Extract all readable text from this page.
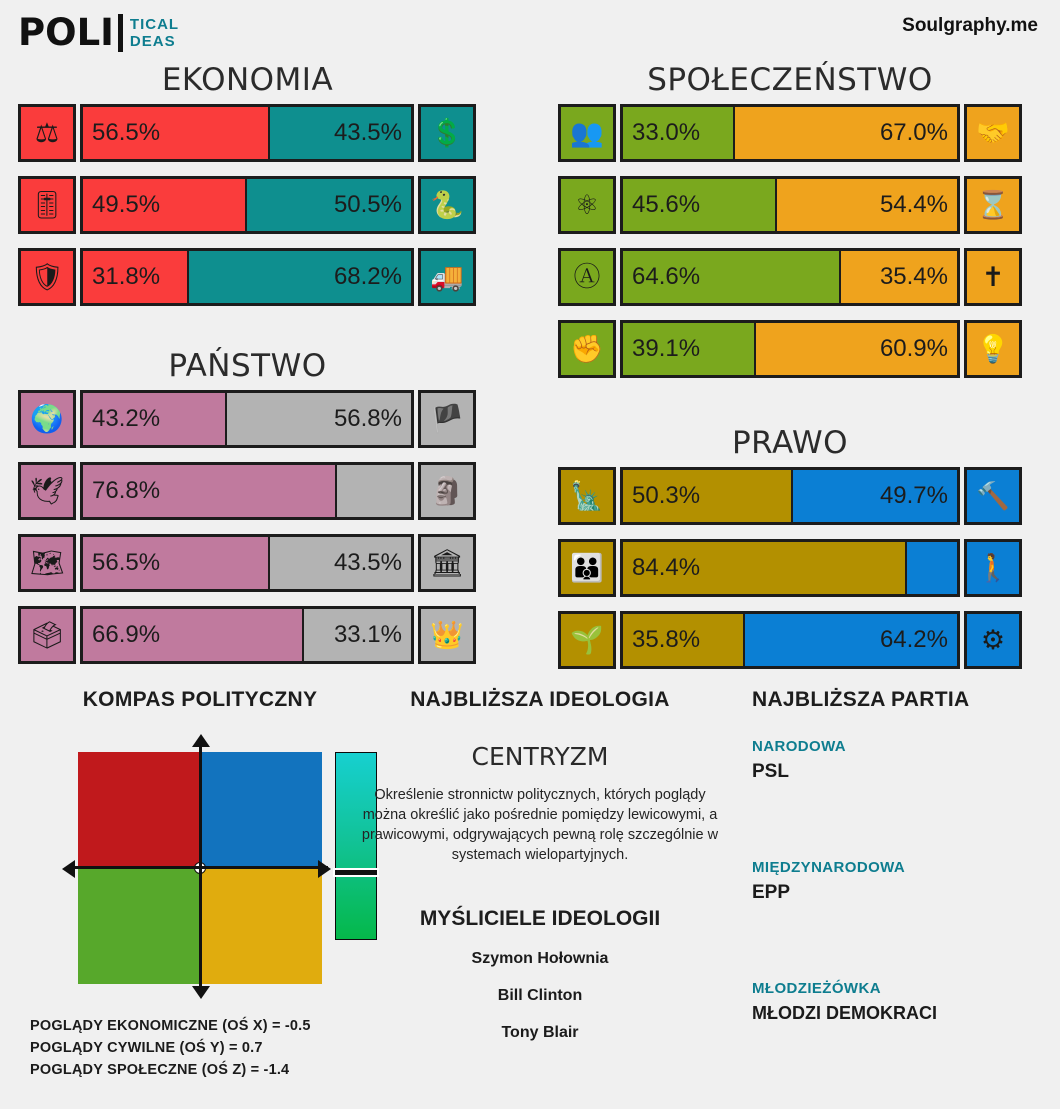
POLI TICAL
DEAS
Soulgraphy.me
EKONOMIA
⚖	56.5%	43.5%	💲
🎚	49.5%	50.5%	🐍
🛡	31.8%	68.2%	🚚
PAŃSTWO
🌍	43.2%	56.8%	🏴
🕊	76.8%	🗿
🗺	56.5%	43.5%	🏛
🗳	66.9%	33.1%	👑
SPOŁECZEŃSTWO
👥	33.0%	67.0%	🤝
⚛	45.6%	54.4%	⌛
Ⓐ	64.6%	35.4%	✝
✊	39.1%	60.9%	💡
PRAWO
🗽	50.3%	49.7%	🔨
👪	84.4%	🚶
🌱	35.8%	64.2%	⚙
KOMPAS POLITYCZNY
POGLĄDY EKONOMICZNE (OŚ X) = -0.5
POGLĄDY CYWILNE (OŚ Y) = 0.7
POGLĄDY SPOŁECZNE (OŚ Z) = -1.4
NAJBLIŻSZA IDEOLOGIA
CENTRYZM
Określenie stronnictw politycznych, których poglądy można określić jako pośrednie pomiędzy lewicowymi, a prawicowymi, odgrywających pewną rolę szczególnie w systemach wielopartyjnych.
MYŚLICIELE IDEOLOGII
Szymon Hołownia
Bill Clinton
Tony Blair
NAJBLIŻSZA PARTIA
NARODOWA
PSL
MIĘDZYNARODOWA
EPP
MŁODZIEŻÓWKA
MŁODZI DEMOKRACI
